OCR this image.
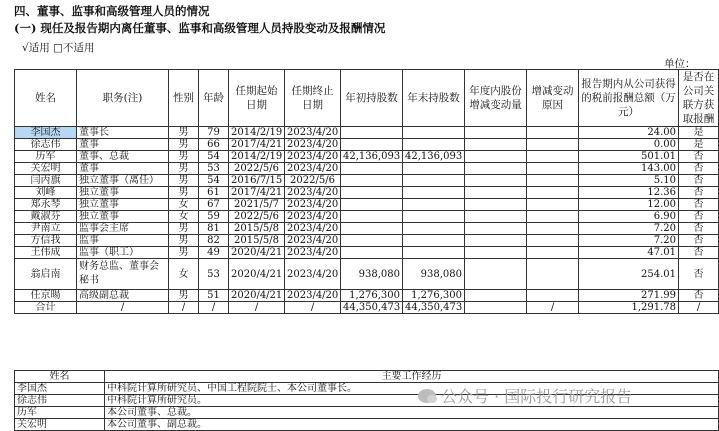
四、董事、监事和高级管理人员的情况
(一) 现任及报告期内离任董事、监事和高级管理人员持股变动及报酬情况
√适用 □不适用
单位：
姓名	职务(注)	性别	年龄	任期起始日期	任期终止日期	年初持股数	年末持股数	年度内股份增减变动量	增减变动原因	报告期内从公司获得的税前报酬总额（万元）	是否在公司关联方获取报酬
李国杰	董事长	男	79	2014/2/19	2023/4/20					24.00	是
徐志伟	董事	男	66	2017/4/21	2023/4/20					0.00	是
历军	董事、总裁	男	54	2014/2/19	2023/4/20	42,136,093	42,136,093			501.01	否
关宏明	董事	男	53	2022/5/6	2023/4/20					143.00	否
闫丙旗	独立董事（离任）	男	54	2016/7/15	2022/5/6					5.10	否
刘峰	独立董事	男	61	2017/4/21	2023/4/20					12.36	否
郑永琴	独立董事	女	67	2021/5/7	2023/4/20					12.00	否
戴淑芬	独立董事	女	59	2022/5/6	2023/4/20					6.90	否
尹南立	监事会主席	男	81	2015/5/8	2023/4/20					7.20	否
方信我	监事	男	82	2015/5/8	2023/4/20					7.20	否
王伟成	监事（职工）	男	49	2020/4/21	2023/4/20					47.01	否
翁启南	财务总监、董事会秘书	女	53	2020/4/21	2023/4/20	938,080	938,080			254.01	否
任京暘	高级副总裁	男	51	2020/4/21	2023/4/20	1,276,300	1,276,300			271.99	否
合计	/	/	/	/	/	44,350,473	44,350,473		/	1,291.78	/
姓名	主要工作经历
李国杰	中科院计算所研究员、中国工程院院士、本公司董事长。
徐志伟	中科院计算所研究员。
历军	本公司董事、总裁。
关宏明	本公司董事、副总裁。
公众号 · 国际投行研究报告
